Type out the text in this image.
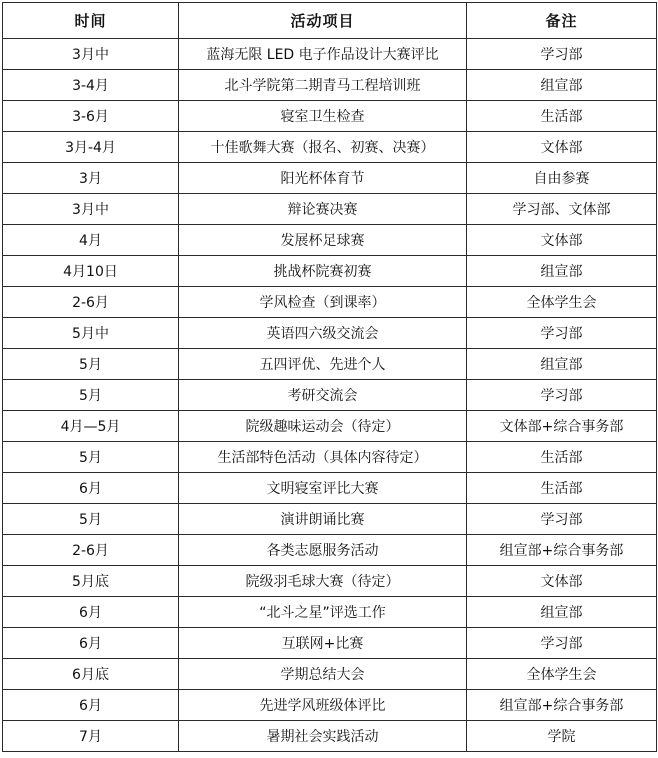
时间	活动项目	备注
3月中	蓝海无限 LED 电子作品设计大赛评比	学习部
3-4月	北斗学院第二期青马工程培训班	组宣部
3-6月	寝室卫生检查	生活部
3月-4月	十佳歌舞大赛（报名、初赛、决赛）	文体部
3月	阳光杯体育节	自由参赛
3月中	辩论赛决赛	学习部、文体部
4月	发展杯足球赛	文体部
4月10日	挑战杯院赛初赛	组宣部
2-6月	学风检查（到课率）	全体学生会
5月中	英语四六级交流会	学习部
5月	五四评优、先进个人	组宣部
5月	考研交流会	学习部
4月—5月	院级趣味运动会（待定）	文体部+综合事务部
5月	生活部特色活动（具体内容待定）	生活部
6月	文明寝室评比大赛	生活部
5月	演讲朗诵比赛	学习部
2-6月	各类志愿服务活动	组宣部+综合事务部
5月底	院级羽毛球大赛（待定）	文体部
6月	“北斗之星”评选工作	组宣部
6月	互联网+比赛	学习部
6月底	学期总结大会	全体学生会
6月	先进学风班级体评比	组宣部+综合事务部
7月	暑期社会实践活动	学院
